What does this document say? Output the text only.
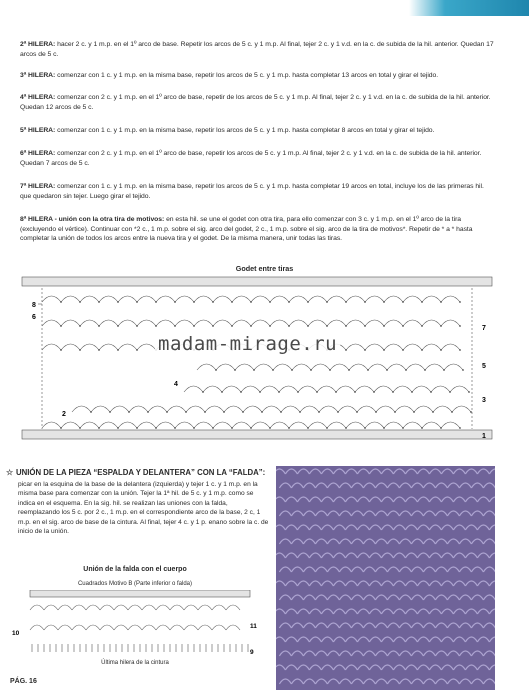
2ª HILERA: hacer 2 c. y 1 m.p. en el 1º arco de base. Repetir los arcos de 5 c. y 1 m.p. Al final, tejer 2 c. y 1 v.d. en la c. de subida de la hil. anterior. Quedan 17 arcos de 5 c.
3ª HILERA: comenzar con 1 c. y 1 m.p. en la misma base, repetir los arcos de 5 c. y 1 m.p. hasta completar 13 arcos en total y girar el tejido.
4ª HILERA: comenzar con 2 c. y 1 m.p. en el 1º arco de base, repetir de los arcos de 5 c. y 1 m.p. Al final, tejer 2 c. y 1 v.d. en la c. de subida de la hil. anterior. Quedan 12 arcos de 5 c.
5ª HILERA: comenzar con 1 c. y 1 m.p. en la misma base, repetir los arcos de 5 c. y 1 m.p. hasta completar 8 arcos en total y girar el tejido.
6ª HILERA: comenzar con 2 c. y 1 m.p. en el 1º arco de base, repetir los arcos de 5 c. y 1 m.p. Al final, tejer 2 c. y 1 v.d. en la c. de subida de la hil. anterior. Quedan 7 arcos de 5 c.
7ª HILERA: comenzar con 1 c. y 1 m.p. en la misma base, repetir los arcos de 5 c. y 1 m.p. hasta completar 19 arcos en total, incluye los de las primeras hil. que quedaron sin tejer. Luego girar el tejido.
8ª HILERA - unión con la otra tira de motivos: en esta hil. se une el godet con otra tira, para ello comenzar con 3 c. y 1 m.p. en el 1º arco de la tira (excluyendo el vértice). Continuar con *2 c., 1 m.p. sobre el sig. arco del godet, 2 c., 1 m.p. sobre el sig. arco de la tira de motivos*. Repetir de * a * hasta completar la unión de todos los arcos entre la nueva tira y el godet. De la misma manera, unir todas las tiras.
Godet entre tiras
8
6
4
2
7
5
3
1
madam-mirage.ru
☆ UNIÓN DE LA PIEZA “ESPALDA Y DELANTERA” CON LA “FALDA”:
picar en la esquina de la base de la delantera (izquierda) y tejer 1 c. y 1 m.p. en la misma base para comenzar con la unión. Tejer la 1ª hil. de 5 c. y 1 m.p. como se indica en el esquema. En la sig. hil. se realizan las uniones con la falda, reemplazando los 5 c. por 2 c., 1 m.p. en el correspondiente arco de la base, 2 c, 1 m.p. en el sig. arco de base de la cintura. Al final, tejer 4 c. y 1 p. enano sobre la c. de inicio de la unión.
Unión de la falda con el cuerpo
Cuadrados Motivo B (Parte inferior o falda)
10
11
9
Última hilera de la cintura
PÁG. 16
